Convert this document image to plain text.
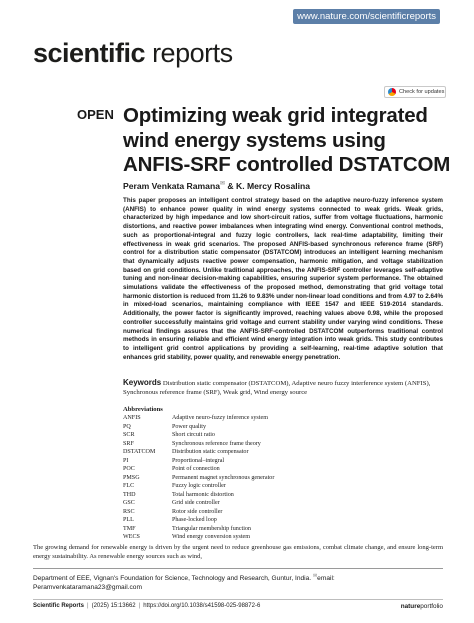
www.nature.com/scientificreports
scientific reports
Check for updates
OPEN Optimizing weak grid integrated wind energy systems using ANFIS-SRF controlled DSTATCOM
Peram Venkata Ramana✉ & K. Mercy Rosalina

This paper proposes an intelligent control strategy based on the adaptive neuro-fuzzy inference system (ANFIS) to enhance power quality in wind energy systems connected to weak grids. Weak grids, characterized by high impedance and low short-circuit ratios, suffer from voltage fluctuations, harmonic distortions, and reactive power imbalances when integrating wind energy. Conventional control methods, such as proportional-integral and fuzzy logic controllers, lack real-time adaptability, limiting their effectiveness in weak grid scenarios. The proposed ANFIS-based synchronous reference frame (SRF) control for a distribution static compensator (DSTATCOM) introduces an intelligent learning mechanism that dynamically adjusts reactive power compensation, harmonic mitigation, and voltage stabilization based on grid conditions. Unlike traditional approaches, the ANFIS-SRF controller leverages self-adaptive tuning and non-linear decision-making capabilities, ensuring superior system performance. The obtained simulations validate the effectiveness of the proposed method, demonstrating that grid voltage total harmonic distortion is reduced from 11.26 to 9.83% under non-linear load conditions and from 4.97 to 2.64% in mixed-load scenarios, maintaining compliance with IEEE 1547 and IEEE 519-2014 standards. Additionally, the power factor is significantly improved, reaching values above 0.98, while the proposed controller successfully maintains grid voltage and current stability under varying wind conditions. These numerical findings assures that the ANFIS-SRF-controlled DSTATCOM outperforms traditional control methods in ensuring reliable and efficient wind energy integration into weak grids. This study contributes to intelligent grid control applications by providing a self-learning, real-time adaptive solution that enhances grid stability, power quality, and renewable energy penetration.

Keywords Distribution static compensator (DSTATCOM), Adaptive neuro fuzzy interference system (ANFIS), Synchronous reference frame (SRF), Weak grid, Wind energy source
Abbreviations
ANFIS	Adaptive neuro-fuzzy inference system
PQ	Power quality
SCR	Short circuit ratio
SRF	Synchronous reference frame theory
DSTATCOM	Distribution static compensator
PI	Proportional–integral
POC	Point of connection
PMSG	Permanent magnet synchronous generator
FLC	Fuzzy logic controller
THD	Total harmonic distortion
GSC	Grid side controller
RSC	Rotor side controller
PLL	Phase-locked loop
TMF	Triangular membership function
WECS	Wind energy conversion system

The growing demand for renewable energy is driven by the urgent need to reduce greenhouse gas emissions, combat climate change, and ensure long-term energy sustainability. As renewable energy sources such as wind,

Department of EEE, Vignan's Foundation for Science, Technology and Research, Guntur, India. ✉email: Peramvenkataramana23@gmail.com
Scientific Reports | (2025) 15:13662 | https://doi.org/10.1038/s41598-025-98872-6	natureportfolio
